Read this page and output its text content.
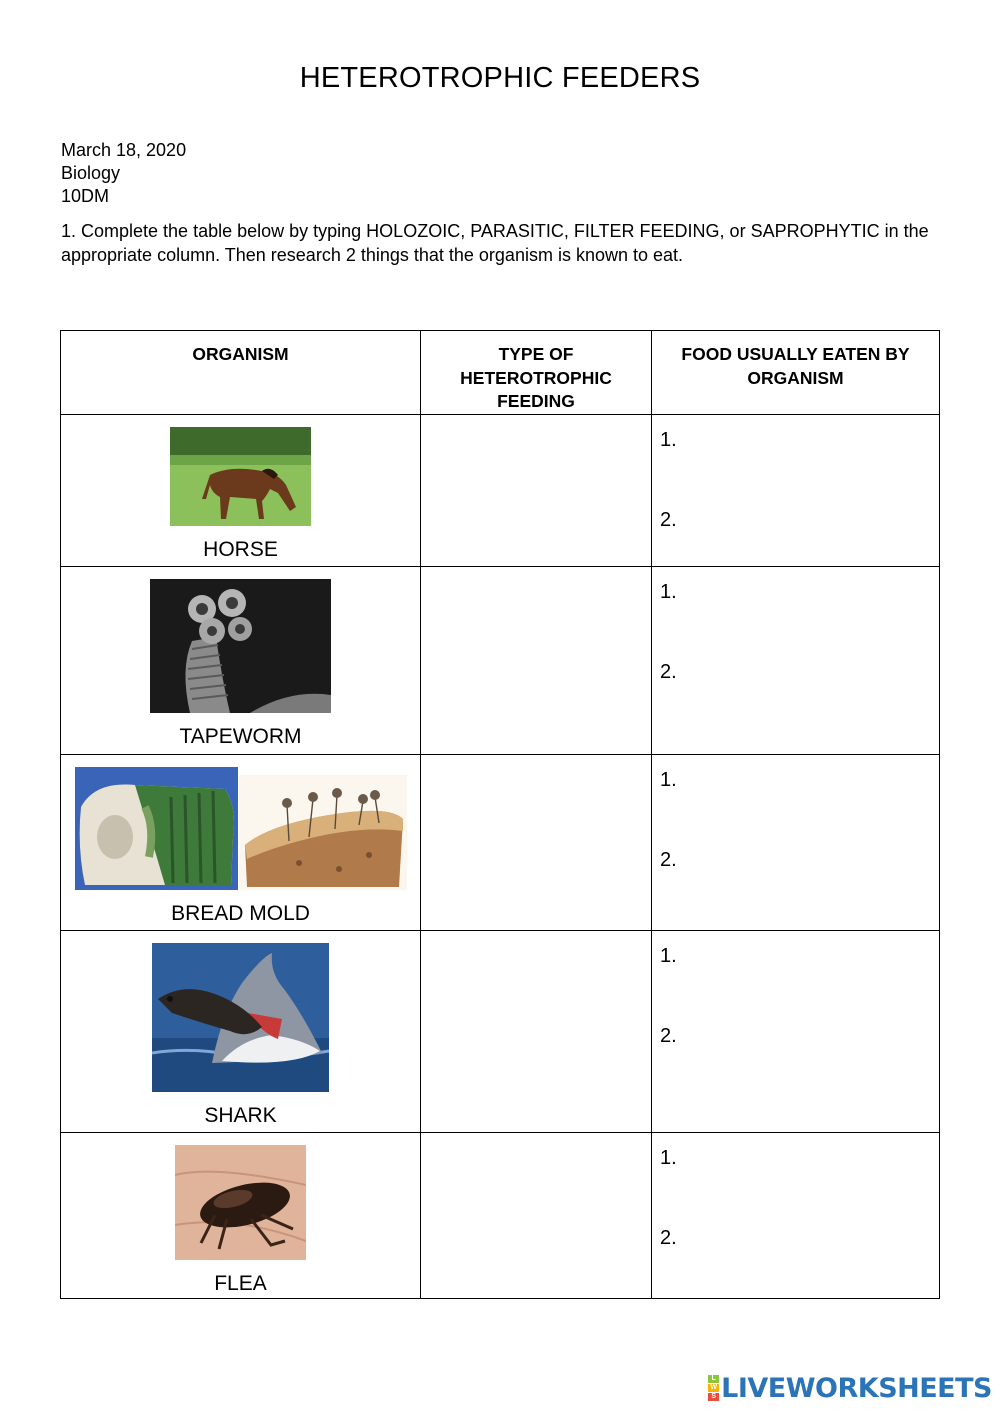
HETEROTROPHIC FEEDERS
March 18, 2020
Biology
10DM
1. Complete the table below by typing HOLOZOIC, PARASITIC, FILTER FEEDING, or SAPROPHYTIC in the appropriate column. Then research 2 things that the organism is known to eat.
ORGANISM	TYPE OF HETEROTROPHIC FEEDING	FOOD USUALLY EATEN BY ORGANISM

HORSE		1.
2.

TAPEWORM		1.
2.

BREAD MOLD		1.
2.

SHARK		1.
2.

FLEA		1.
2.
L
W
S LIVEWORKSHEETS
